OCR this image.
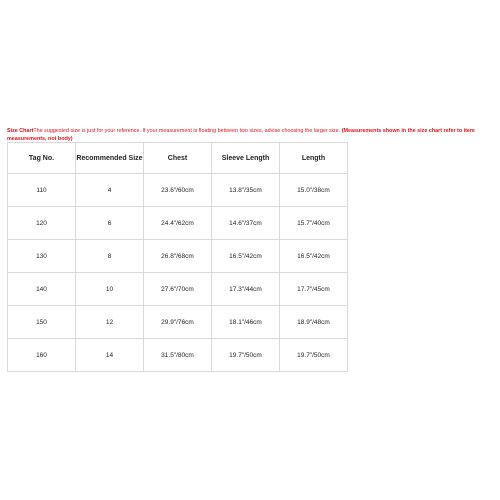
Size ChartThe suggested size is just for your reference. If your measurement is floating between two sizes, advise choosing the larger size. (Measurements shown in the size chart refer to item measurements, not body)

Tag No.	Recommended Size	Chest	Sleeve Length	Length
110	4	23.6"/60cm	13.8"/35cm	15.0"/38cm
120	6	24.4"/62cm	14.6"/37cm	15.7"/40cm
130	8	26.8"/68cm	16.5"/42cm	16.5"/42cm
140	10	27.6"/70cm	17.3"/44cm	17.7"/45cm
150	12	29.9"/76cm	18.1"/46cm	18.9"/48cm
160	14	31.5"/80cm	19.7"/50cm	19.7"/50cm
